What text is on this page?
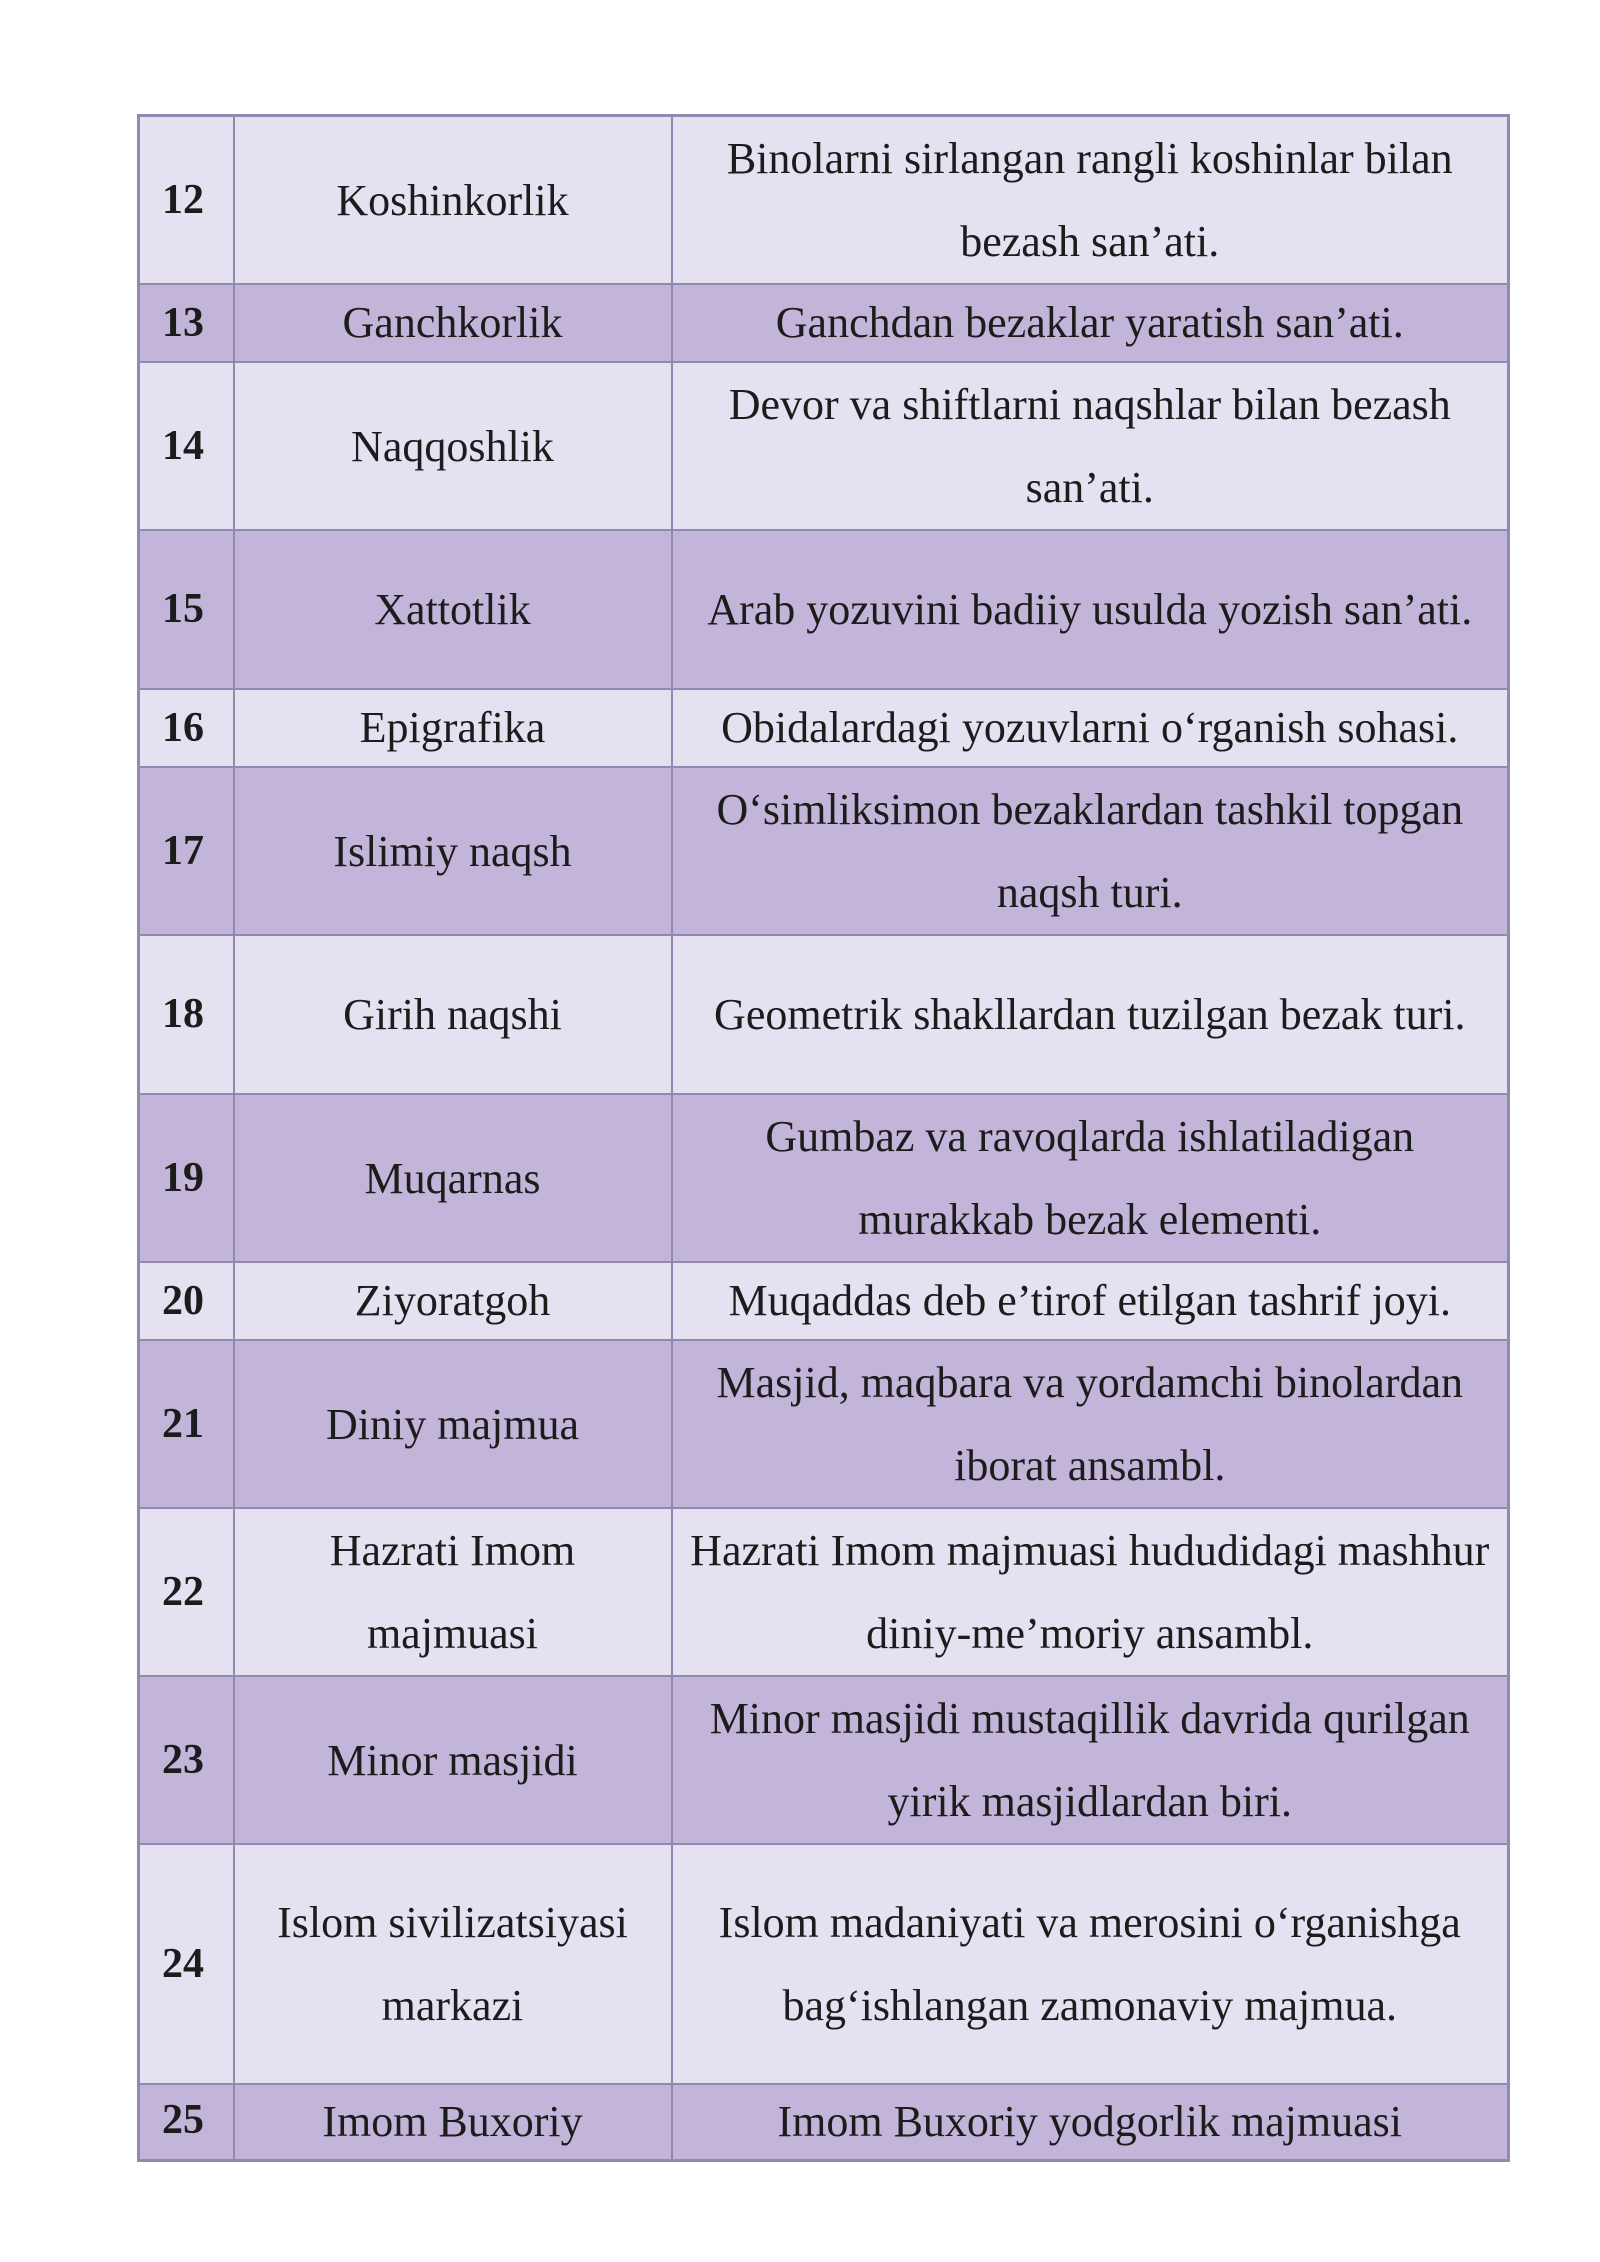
12	Koshinkorlik	Binolarni sirlangan rangli koshinlar bilan bezash san’ati.
13	Ganchkorlik	Ganchdan bezaklar yaratish san’ati.
14	Naqqoshlik	Devor va shiftlarni naqshlar bilan bezash san’ati.
15	Xattotlik	Arab yozuvini badiiy usulda yozish san’ati.
16	Epigrafika	Obidalardagi yozuvlarni o‘rganish sohasi.
17	Islimiy naqsh	O‘simliksimon bezaklardan tashkil topgan naqsh turi.
18	Girih naqshi	Geometrik shakllardan tuzilgan bezak turi.
19	Muqarnas	Gumbaz va ravoqlarda ishlatiladigan murakkab bezak elementi.
20	Ziyoratgoh	Muqaddas deb e’tirof etilgan tashrif joyi.
21	Diniy majmua	Masjid, maqbara va yordamchi binolardan iborat ansambl.
22	Hazrati Imom majmuasi	Hazrati Imom majmuasi hududidagi mashhur diniy-me’moriy ansambl.
23	Minor masjidi	Minor masjidi mustaqillik davrida qurilgan yirik masjidlardan biri.
24	Islom sivilizatsiyasi markazi	Islom madaniyati va merosini o‘rganishga bag‘ishlangan zamonaviy majmua.
25	Imom Buxoriy	Imom Buxoriy yodgorlik majmuasi
